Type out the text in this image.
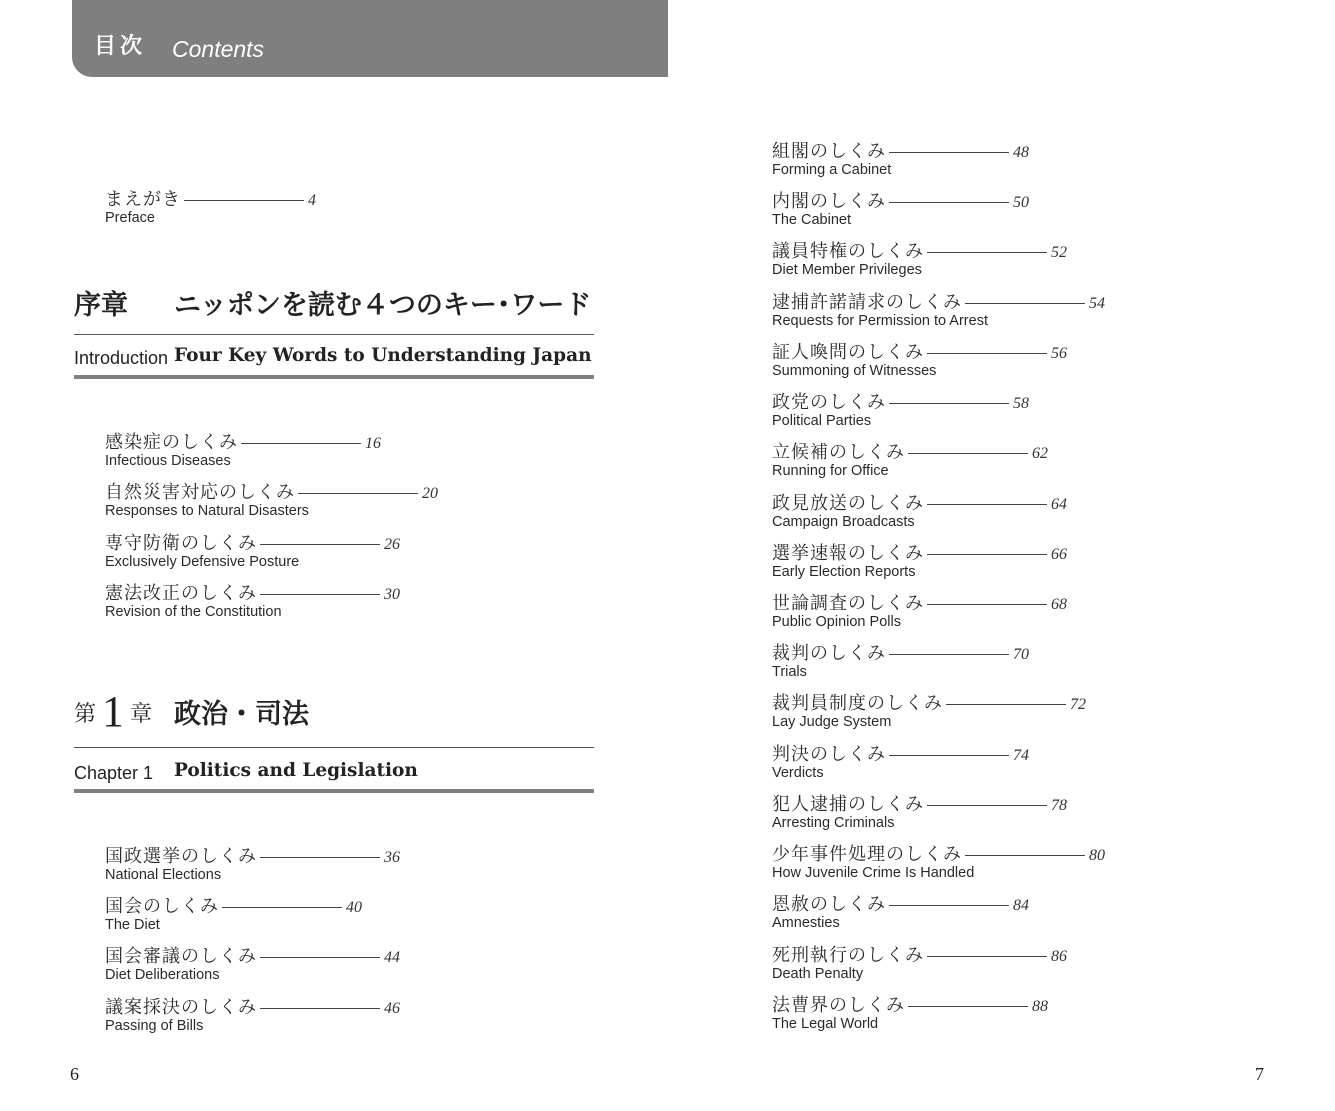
目次 Contents
まえがき	4
Preface
序章 ニッポンを読む４つのキー･ワード
Introduction Four Key Words to Understanding Japan
感染症のしくみ	16
Infectious Diseases
自然災害対応のしくみ	20
Responses to Natural Disasters
専守防衛のしくみ	26
Exclusively Defensive Posture
憲法改正のしくみ	30
Revision of the Constitution
第 1 章 政治・司法
Chapter 1 Politics and Legislation
国政選挙のしくみ	36
National Elections
国会のしくみ	40
The Diet
国会審議のしくみ	44
Diet Deliberations
議案採決のしくみ	46
Passing of Bills
組閣のしくみ	48
Forming a Cabinet
内閣のしくみ	50
The Cabinet
議員特権のしくみ	52
Diet Member Privileges
逮捕許諾請求のしくみ	54
Requests for Permission to Arrest
証人喚問のしくみ	56
Summoning of Witnesses
政党のしくみ	58
Political Parties
立候補のしくみ	62
Running for Office
政見放送のしくみ	64
Campaign Broadcasts
選挙速報のしくみ	66
Early Election Reports
世論調査のしくみ	68
Public Opinion Polls
裁判のしくみ	70
Trials
裁判員制度のしくみ	72
Lay Judge System
判決のしくみ	74
Verdicts
犯人逮捕のしくみ	78
Arresting Criminals
少年事件処理のしくみ	80
How Juvenile Crime Is Handled
恩赦のしくみ	84
Amnesties
死刑執行のしくみ	86
Death Penalty
法曹界のしくみ	88
The Legal World
6	7
